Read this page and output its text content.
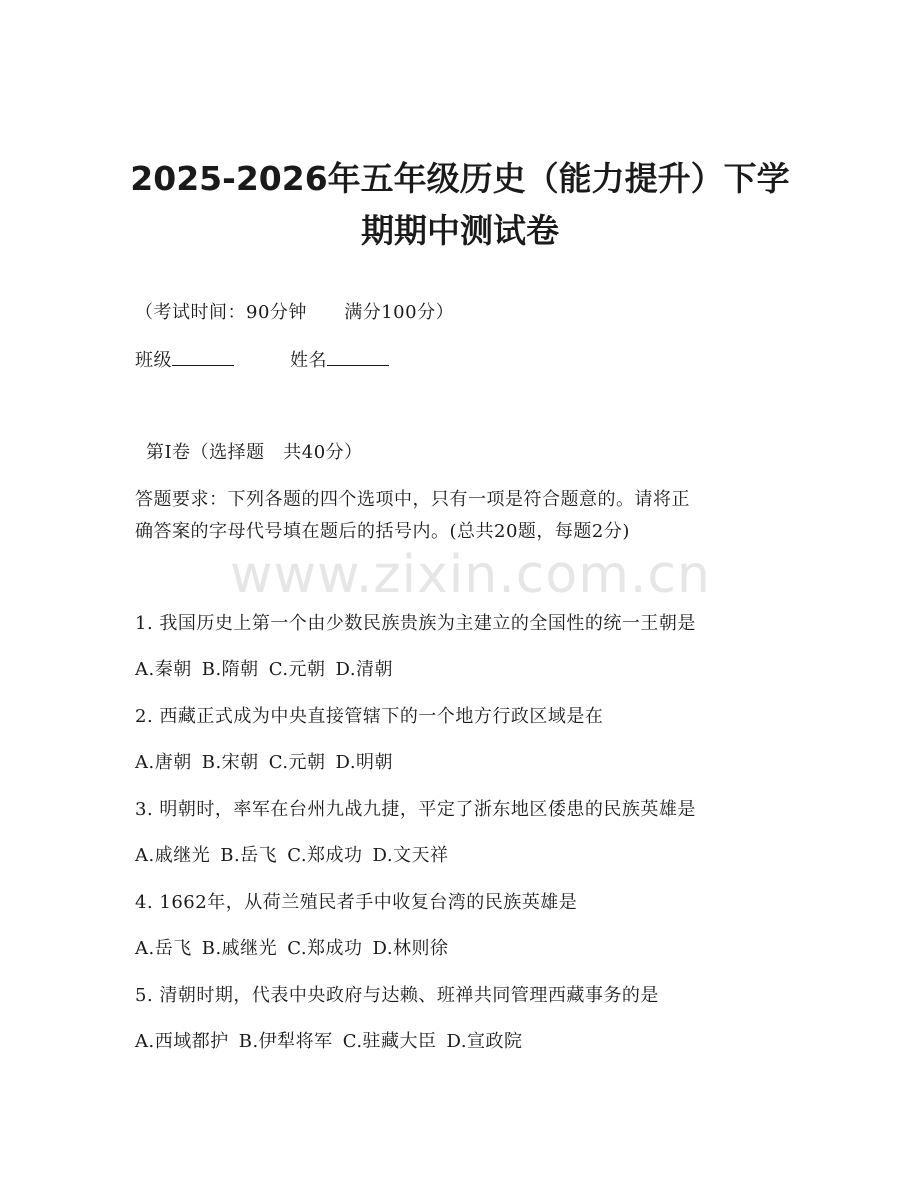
2025-2026年五年级历史（能力提升）下学
期期中测试卷
（考试时间：90分钟      满分100分）
班级	姓名
第Ⅰ卷（选择题   共40分）
答题要求：下列各题的四个选项中，只有一项是符合题意的。请将正
确答案的字母代号填在题后的括号内。(总共20题，每题2分)
www.zixin.com.cn
1. 我国历史上第一个由少数民族贵族为主建立的全国性的统一王朝是
A.秦朝 B.隋朝 C.元朝 D.清朝
2. 西藏正式成为中央直接管辖下的一个地方行政区域是在
A.唐朝 B.宋朝 C.元朝 D.明朝
3. 明朝时，率军在台州九战九捷，平定了浙东地区倭患的民族英雄是
A.戚继光 B.岳飞 C.郑成功 D.文天祥
4. 1662年，从荷兰殖民者手中收复台湾的民族英雄是
A.岳飞 B.戚继光 C.郑成功 D.林则徐
5. 清朝时期，代表中央政府与达赖、班禅共同管理西藏事务的是
A.西域都护 B.伊犁将军 C.驻藏大臣 D.宣政院
